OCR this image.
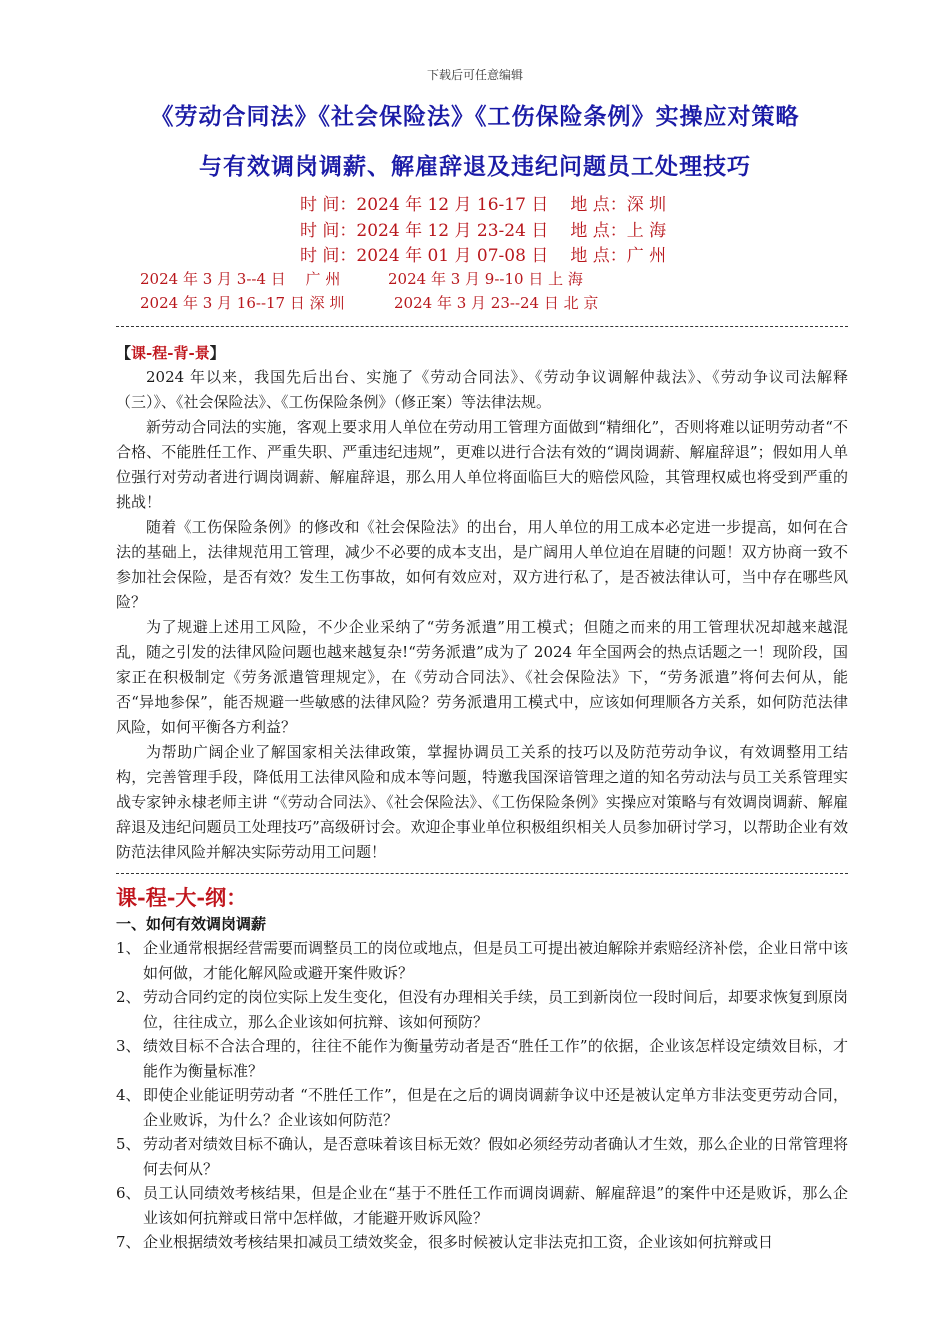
下载后可任意编辑
《劳动合同法》《社会保险法》《工伤保险条例》实操应对策略
与有效调岗调薪、解雇辞退及违纪问题员工处理技巧
时 间：2024 年 12 月 16-17 日 地 点：深 圳
时 间：2024 年 12 月 23-24 日 地 点：上 海
时 间：2024 年 01 月 07-08 日 地 点：广 州
2024 年 3 月 3--4 日　 广 州	2024 年 3 月 9--10 日 上 海
2024 年 3 月 16--17 日 深 圳	2024 年 3 月 23--24 日 北 京
【课-程-背-景】

2024 年以来，我国先后出台、实施了《劳动合同法》、《劳动争议调解仲裁法》、《劳动争议司法解释（三）》、《社会保险法》、《工伤保险条例》（修正案）等法律法规。

新劳动合同法的实施，客观上要求用人单位在劳动用工管理方面做到“精细化”，否则将难以证明劳动者“不合格、不能胜任工作、严重失职、严重违纪违规”，更难以进行合法有效的“调岗调薪、解雇辞退”；假如用人单位强行对劳动者进行调岗调薪、解雇辞退，那么用人单位将面临巨大的赔偿风险，其管理权威也将受到严重的挑战！

随着《工伤保险条例》的修改和《社会保险法》的出台，用人单位的用工成本必定进一步提高，如何在合法的基础上，法律规范用工管理，减少不必要的成本支出，是广阔用人单位迫在眉睫的问题！双方协商一致不参加社会保险，是否有效？发生工伤事故，如何有效应对，双方进行私了，是否被法律认可，当中存在哪些风险？

为了规避上述用工风险，不少企业采纳了“劳务派遣”用工模式；但随之而来的用工管理状况却越来越混乱，随之引发的法律风险问题也越来越复杂!“劳务派遣”成为了 2024 年全国两会的热点话题之一！现阶段，国家正在积极制定《劳务派遣管理规定》，在《劳动合同法》、《社会保险法》下，“劳务派遣”将何去何从，能否“异地参保”，能否规避一些敏感的法律风险？劳务派遣用工模式中，应该如何理顺各方关系，如何防范法律风险，如何平衡各方利益？

为帮助广阔企业了解国家相关法律政策，掌握协调员工关系的技巧以及防范劳动争议，有效调整用工结构，完善管理手段，降低用工法律风险和成本等问题，特邀我国深谙管理之道的知名劳动法与员工关系管理实战专家钟永棣老师主讲 “《劳动合同法》、《社会保险法》、《工伤保险条例》实操应对策略与有效调岗调薪、解雇辞退及违纪问题员工处理技巧”高级研讨会。欢迎企事业单位积极组织相关人员参加研讨学习，以帮助企业有效防范法律风险并解决实际劳动用工问题！

课-程-大-纲：
一、如何有效调岗调薪
1、 企业通常根据经营需要而调整员工的岗位或地点，但是员工可提出被迫解除并索赔经济补偿，企业日常中该如何做，才能化解风险或避开案件败诉？
2、 劳动合同约定的岗位实际上发生变化，但没有办理相关手续，员工到新岗位一段时间后，却要求恢复到原岗位，往往成立，那么企业该如何抗辩、该如何预防？
3、 绩效目标不合法合理的，往往不能作为衡量劳动者是否“胜任工作”的依据，企业该怎样设定绩效目标，才能作为衡量标准？
4、 即使企业能证明劳动者 “不胜任工作”，但是在之后的调岗调薪争议中还是被认定单方非法变更劳动合同，企业败诉，为什么？企业该如何防范？
5、 劳动者对绩效目标不确认，是否意味着该目标无效？假如必须经劳动者确认才生效，那么企业的日常管理将何去何从？
6、 员工认同绩效考核结果，但是企业在“基于不胜任工作而调岗调薪、解雇辞退”的案件中还是败诉，那么企业该如何抗辩或日常中怎样做，才能避开败诉风险？
7、 企业根据绩效考核结果扣减员工绩效奖金，很多时候被认定非法克扣工资，企业该如何抗辩或日
